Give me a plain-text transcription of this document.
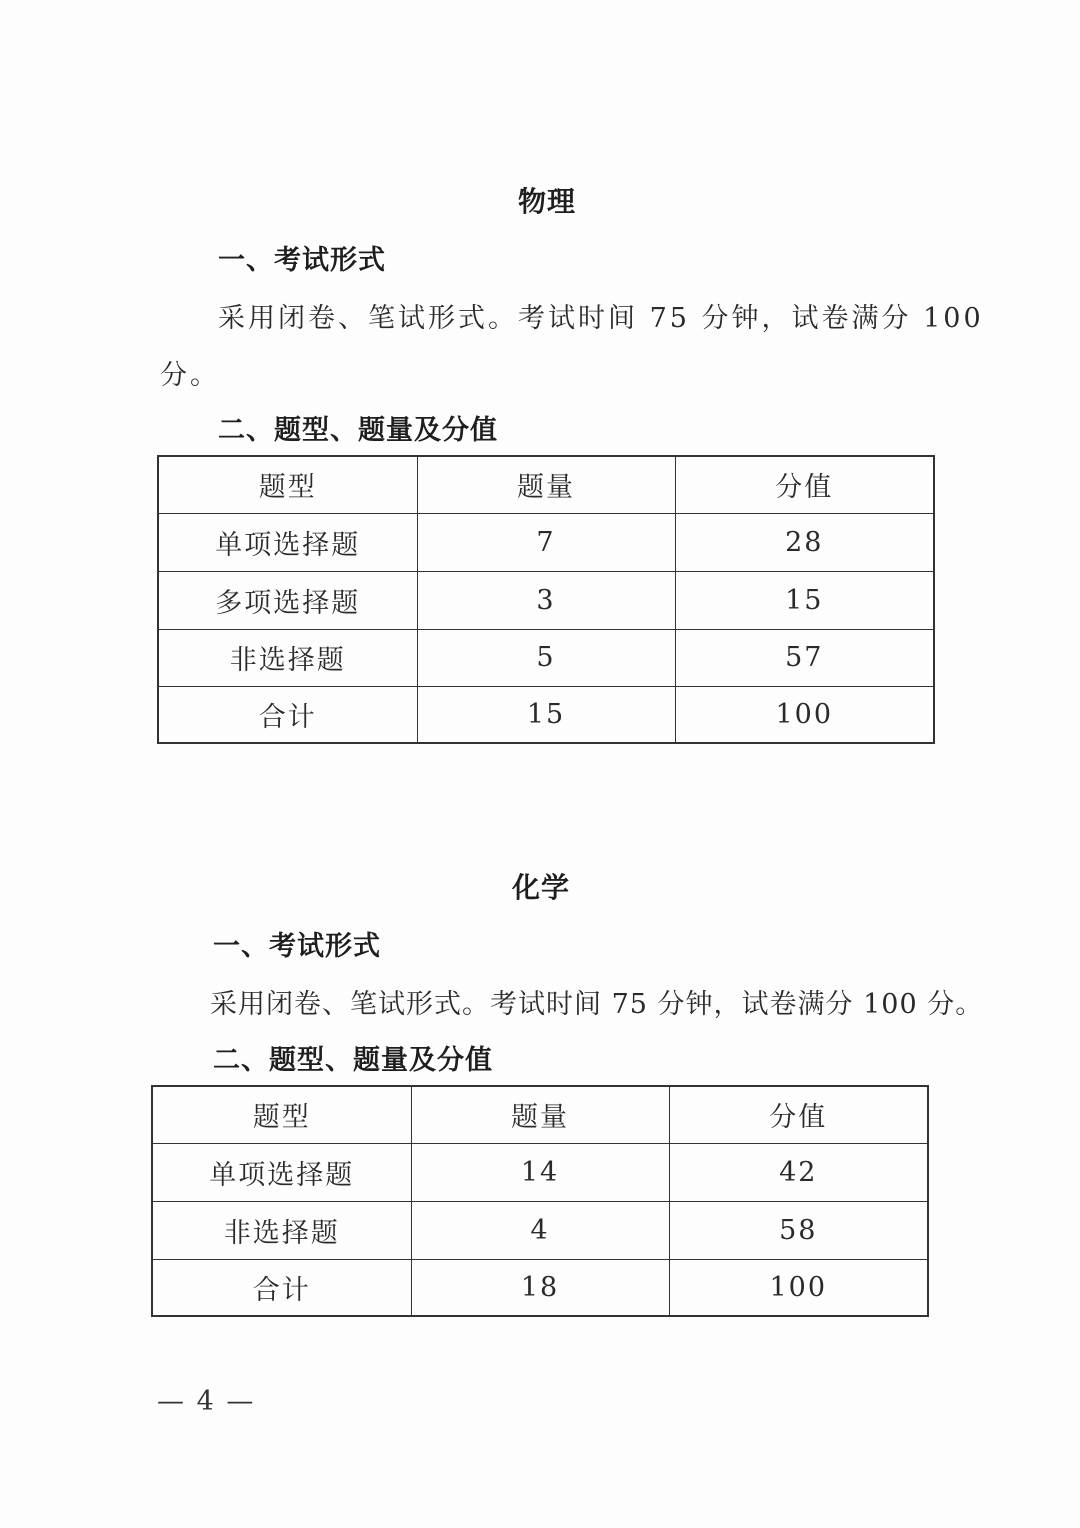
物理
一、考试形式
采用闭卷、笔试形式。考试时间 75 分钟，试卷满分 100
分。
二、题型、题量及分值
题型	题量	分值
单项选择题	7	28
多项选择题	3	15
非选择题	5	57
合计	15	100
化学
一、考试形式
采用闭卷、笔试形式。考试时间 75 分钟，试卷满分 100 分。
二、题型、题量及分值
题型	题量	分值
单项选择题	14	42
非选择题	4	58
合计	18	100
— 4 —
